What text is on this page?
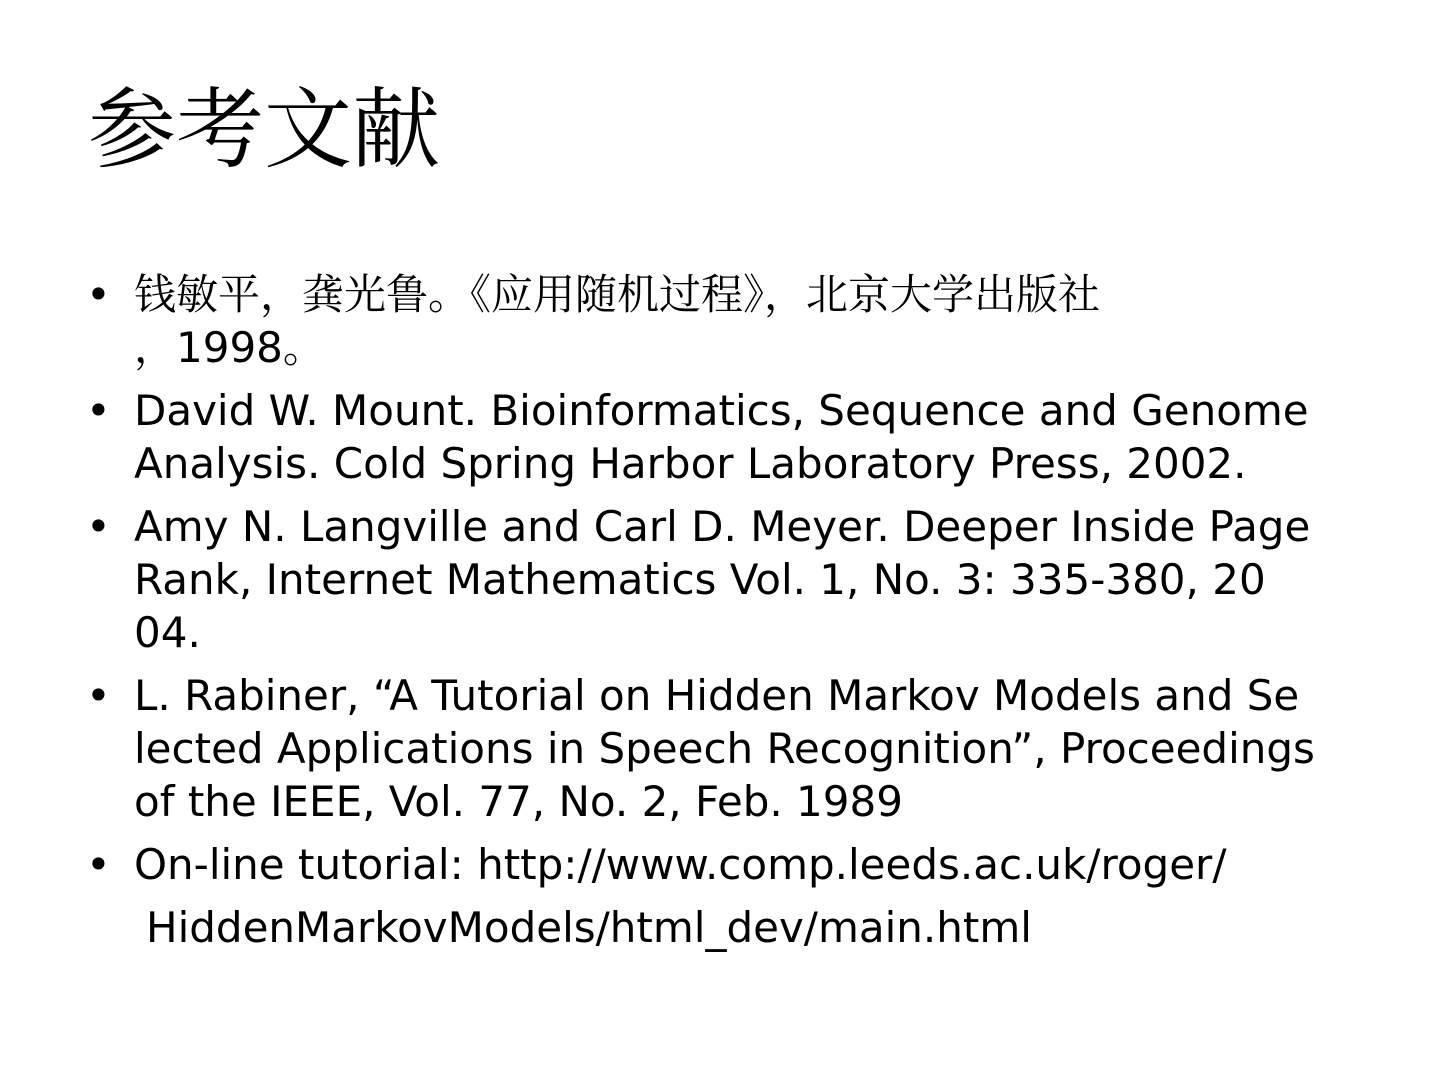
参考文献
• 钱敏平，龚光鲁。《应用随机过程》，北京大学出版社
，1998。
• David W. Mount. Bioinformatics, Sequence and Genome
Analysis. Cold Spring Harbor Laboratory Press, 2002.
• Amy N. Langville and Carl D. Meyer. Deeper Inside Page
Rank, Internet Mathematics Vol. 1, No. 3: 335-380, 20
04.
• L. Rabiner, “A Tutorial on Hidden Markov Models and Se
lected Applications in Speech Recognition”, Proceedings
of the IEEE, Vol. 77, No. 2, Feb. 1989
• On-line tutorial: http://www.comp.leeds.ac.uk/roger/
HiddenMarkovModels/html_dev/main.html
